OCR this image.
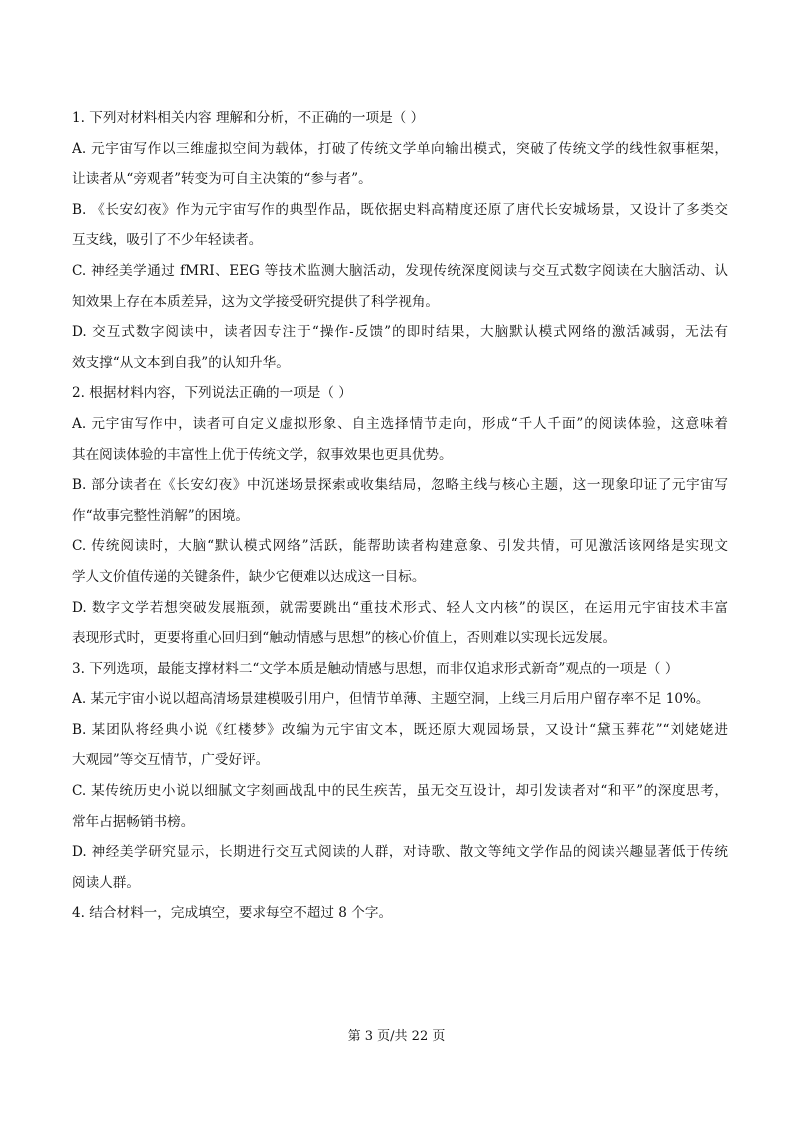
1. 下列对材料相关内容 理解和分析，不正确的一项是（ ）
A. 元宇宙写作以三维虚拟空间为载体，打破了传统文学单向输出模式，突破了传统文学的线性叙事框架，
让读者从“旁观者”转变为可自主决策的“参与者”。
B. 《长安幻夜》作为元宇宙写作的典型作品，既依据史料高精度还原了唐代长安城场景，又设计了多类交
互支线，吸引了不少年轻读者。
C. 神经美学通过 fMRI、EEG 等技术监测大脑活动，发现传统深度阅读与交互式数字阅读在大脑活动、认
知效果上存在本质差异，这为文学接受研究提供了科学视角。
D. 交互式数字阅读中，读者因专注于“操作-反馈”的即时结果，大脑默认模式网络的激活减弱，无法有
效支撑“从文本到自我”的认知升华。
2. 根据材料内容，下列说法正确的一项是（ ）
A. 元宇宙写作中，读者可自定义虚拟形象、自主选择情节走向，形成“千人千面”的阅读体验，这意味着
其在阅读体验的丰富性上优于传统文学，叙事效果也更具优势。
B. 部分读者在《长安幻夜》中沉迷场景探索或收集结局，忽略主线与核心主题，这一现象印证了元宇宙写
作“故事完整性消解”的困境。
C. 传统阅读时，大脑“默认模式网络”活跃，能帮助读者构建意象、引发共情，可见激活该网络是实现文
学人文价值传递的关键条件，缺少它便难以达成这一目标。
D. 数字文学若想突破发展瓶颈，就需要跳出“重技术形式、轻人文内核”的误区，在运用元宇宙技术丰富
表现形式时，更要将重心回归到“触动情感与思想”的核心价值上，否则难以实现长远发展。
3. 下列选项，最能支撑材料二“文学本质是触动情感与思想，而非仅追求形式新奇”观点的一项是（ ）
A. 某元宇宙小说以超高清场景建模吸引用户，但情节单薄、主题空洞，上线三月后用户留存率不足 10%。
B. 某团队将经典小说《红楼梦》改编为元宇宙文本，既还原大观园场景，又设计“黛玉葬花”“刘姥姥进
大观园”等交互情节，广受好评。
C. 某传统历史小说以细腻文字刻画战乱中的民生疾苦，虽无交互设计，却引发读者对“和平”的深度思考，
常年占据畅销书榜。
D. 神经美学研究显示，长期进行交互式阅读的人群，对诗歌、散文等纯文学作品的阅读兴趣显著低于传统
阅读人群。
4. 结合材料一，完成填空，要求每空不超过 8 个字。
第 3 页/共 22 页
